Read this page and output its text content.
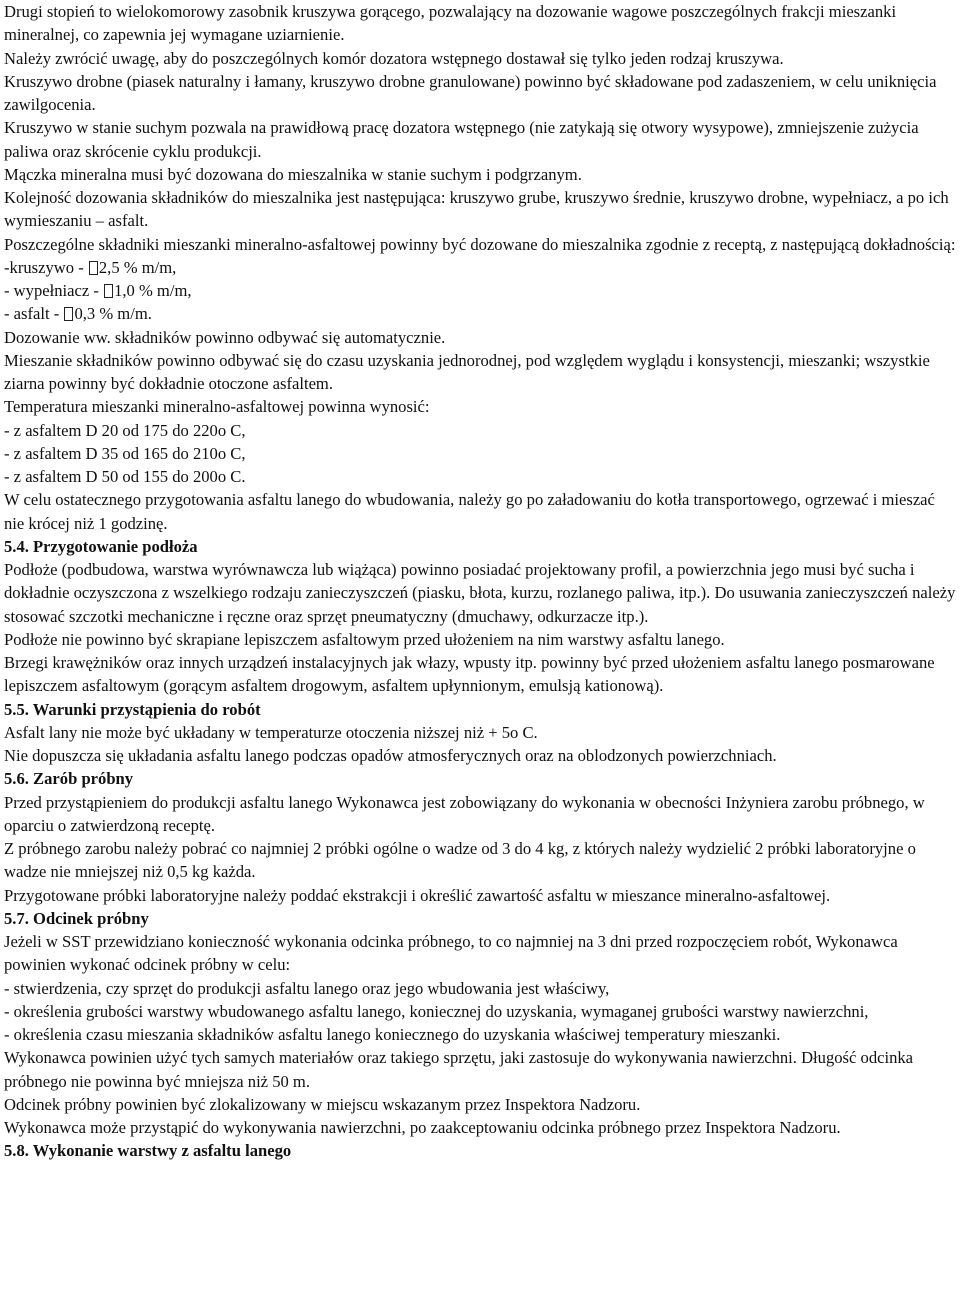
Drugi stopień to wielokomorowy zasobnik kruszywa gorącego, pozwalający na dozowanie wagowe poszczególnych frakcji mieszanki mineralnej, co zapewnia jej wymagane uziarnienie.

Należy zwrócić uwagę, aby do poszczególnych komór dozatora wstępnego dostawał się tylko jeden rodzaj kruszywa.

Kruszywo drobne (piasek naturalny i łamany, kruszywo drobne granulowane) powinno być składowane pod zadaszeniem, w celu uniknięcia zawilgocenia.

Kruszywo w stanie suchym pozwala na prawidłową pracę dozatora wstępnego (nie zatykają się otwory wysypowe), zmniejszenie zużycia paliwa oraz skrócenie cyklu produkcji.

Mączka mineralna musi być dozowana do mieszalnika w stanie suchym i podgrzanym.

Kolejność dozowania składników do mieszalnika jest następująca: kruszywo grube, kruszywo średnie, kruszywo drobne, wypełniacz, a po ich wymieszaniu – asfalt.

Poszczególne składniki mieszanki mineralno-asfaltowej powinny być dozowane do mieszalnika zgodnie z receptą, z następującą dokładnością:

-kruszywo - 2,5 % m/m,

- wypełniacz - 1,0 % m/m,

- asfalt - 0,3 % m/m.

Dozowanie ww. składników powinno odbywać się automatycznie.

Mieszanie składników powinno odbywać się do czasu uzyskania jednorodnej, pod względem wyglądu i konsystencji, mieszanki; wszystkie ziarna powinny być dokładnie otoczone asfaltem.

Temperatura mieszanki mineralno-asfaltowej powinna wynosić:

- z asfaltem D 20 od 175 do 220o C,

- z asfaltem D 35 od 165 do 210o C,

- z asfaltem D 50 od 155 do 200o C.

W celu ostatecznego przygotowania asfaltu lanego do wbudowania, należy go po załadowaniu do kotła transportowego, ogrzewać i mieszać nie krócej niż 1 godzinę.

5.4. Przygotowanie podłoża

Podłoże (podbudowa, warstwa wyrównawcza lub wiążąca) powinno posiadać projektowany profil, a powierzchnia jego musi być sucha i dokładnie oczyszczona z wszelkiego rodzaju zanieczyszczeń (piasku, błota, kurzu, rozlanego paliwa, itp.). Do usuwania zanieczyszczeń należy stosować szczotki mechaniczne i ręczne oraz sprzęt pneumatyczny (dmuchawy, odkurzacze itp.).

Podłoże nie powinno być skrapiane lepiszczem asfaltowym przed ułożeniem na nim warstwy asfaltu lanego.

Brzegi krawężników oraz innych urządzeń instalacyjnych jak włazy, wpusty itp. powinny być przed ułożeniem asfaltu lanego posmarowane lepiszczem asfaltowym (gorącym asfaltem drogowym, asfaltem upłynnionym, emulsją kationową).

5.5. Warunki przystąpienia do robót

Asfalt lany nie może być układany w temperaturze otoczenia niższej niż + 5o C.

Nie dopuszcza się układania asfaltu lanego podczas opadów atmosferycznych oraz na oblodzonych powierzchniach.

5.6. Zarób próbny

Przed przystąpieniem do produkcji asfaltu lanego Wykonawca jest zobowiązany do wykonania w obecności Inżyniera zarobu próbnego, w oparciu o zatwierdzoną receptę.

Z próbnego zarobu należy pobrać co najmniej 2 próbki ogólne o wadze od 3 do 4 kg, z których należy wydzielić 2 próbki laboratoryjne o wadze nie mniejszej niż 0,5 kg każda.

Przygotowane próbki laboratoryjne należy poddać ekstrakcji i określić zawartość asfaltu w mieszance mineralno-asfaltowej.

5.7. Odcinek próbny

Jeżeli w SST przewidziano konieczność wykonania odcinka próbnego, to co najmniej na 3 dni przed rozpoczęciem robót, Wykonawca powinien wykonać odcinek próbny w celu:

- stwierdzenia, czy sprzęt do produkcji asfaltu lanego oraz jego wbudowania jest właściwy,

- określenia grubości warstwy wbudowanego asfaltu lanego, koniecznej do uzyskania, wymaganej grubości warstwy nawierzchni,

- określenia czasu mieszania składników asfaltu lanego koniecznego do uzyskania właściwej temperatury mieszanki.

Wykonawca powinien użyć tych samych materiałów oraz takiego sprzętu, jaki zastosuje do wykonywania nawierzchni. Długość odcinka próbnego nie powinna być mniejsza niż 50 m.

Odcinek próbny powinien być zlokalizowany w miejscu wskazanym przez Inspektora Nadzoru.

Wykonawca może przystąpić do wykonywania nawierzchni, po zaakceptowaniu odcinka próbnego przez Inspektora Nadzoru.

5.8. Wykonanie warstwy z asfaltu lanego
